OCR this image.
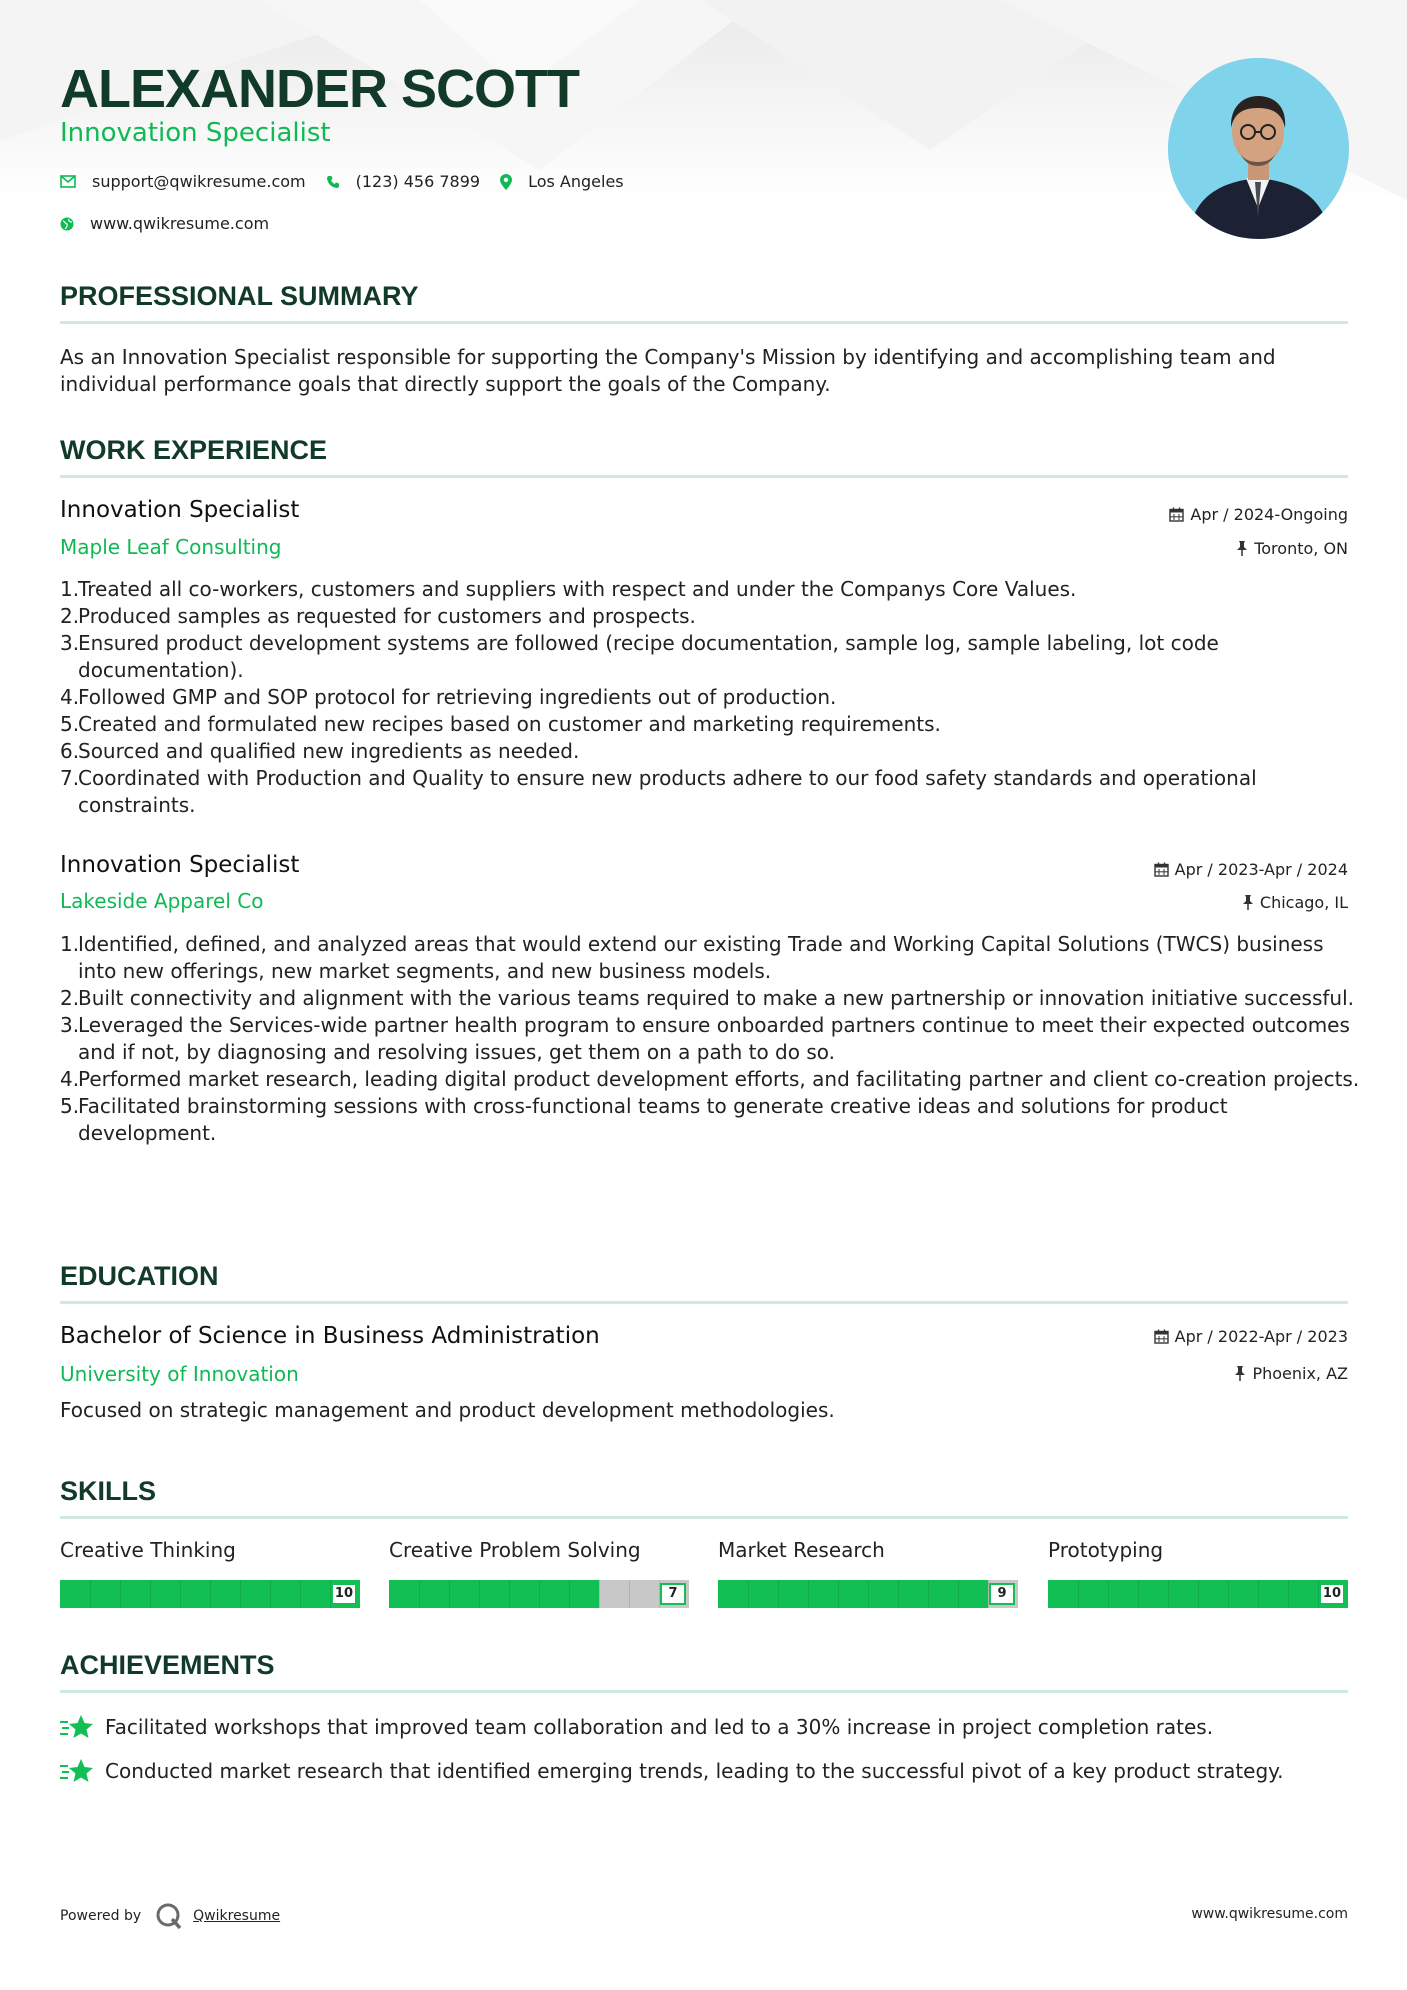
ALEXANDER SCOTT
Innovation Specialist
support@qwikresume.com	(123) 456 7899	Los Angeles
www.qwikresume.com
PROFESSIONAL SUMMARY

As an Innovation Specialist responsible for supporting the Company's Mission by identifying and accomplishing team and individual performance goals that directly support the goals of the Company.

WORK EXPERIENCE
Innovation Specialist	Apr / 2024-Ongoing
Maple Leaf Consulting	Toronto, ON
Treated all co-workers, customers and suppliers with respect and under the Companys Core Values.
Produced samples as requested for customers and prospects.
Ensured product development systems are followed (recipe documentation, sample log, sample labeling, lot code documentation).
Followed GMP and SOP protocol for retrieving ingredients out of production.
Created and formulated new recipes based on customer and marketing requirements.
Sourced and qualified new ingredients as needed.
Coordinated with Production and Quality to ensure new products adhere to our food safety standards and operational constraints.
Innovation Specialist	Apr / 2023-Apr / 2024
Lakeside Apparel Co	Chicago, IL
Identified, defined, and analyzed areas that would extend our existing Trade and Working Capital Solutions (TWCS) business into new offerings, new market segments, and new business models.
Built connectivity and alignment with the various teams required to make a new partnership or innovation initiative successful.
Leveraged the Services-wide partner health program to ensure onboarded partners continue to meet their expected outcomes and if not, by diagnosing and resolving issues, get them on a path to do so.
Performed market research, leading digital product development efforts, and facilitating partner and client co-creation projects.
Facilitated brainstorming sessions with cross-functional teams to generate creative ideas and solutions for product development.
EDUCATION
Bachelor of Science in Business Administration	Apr / 2022-Apr / 2023
University of Innovation	Phoenix, AZ

Focused on strategic management and product development methodologies.

SKILLS
Creative Thinking
10
Creative Problem Solving
7
Market Research
9
Prototyping
10
ACHIEVEMENTS
Facilitated workshops that improved team collaboration and led to a 30% increase in project completion rates.
Conducted market research that identified emerging trends, leading to the successful pivot of a key product strategy.
Powered by	Qwikresume	www.qwikresume.com
